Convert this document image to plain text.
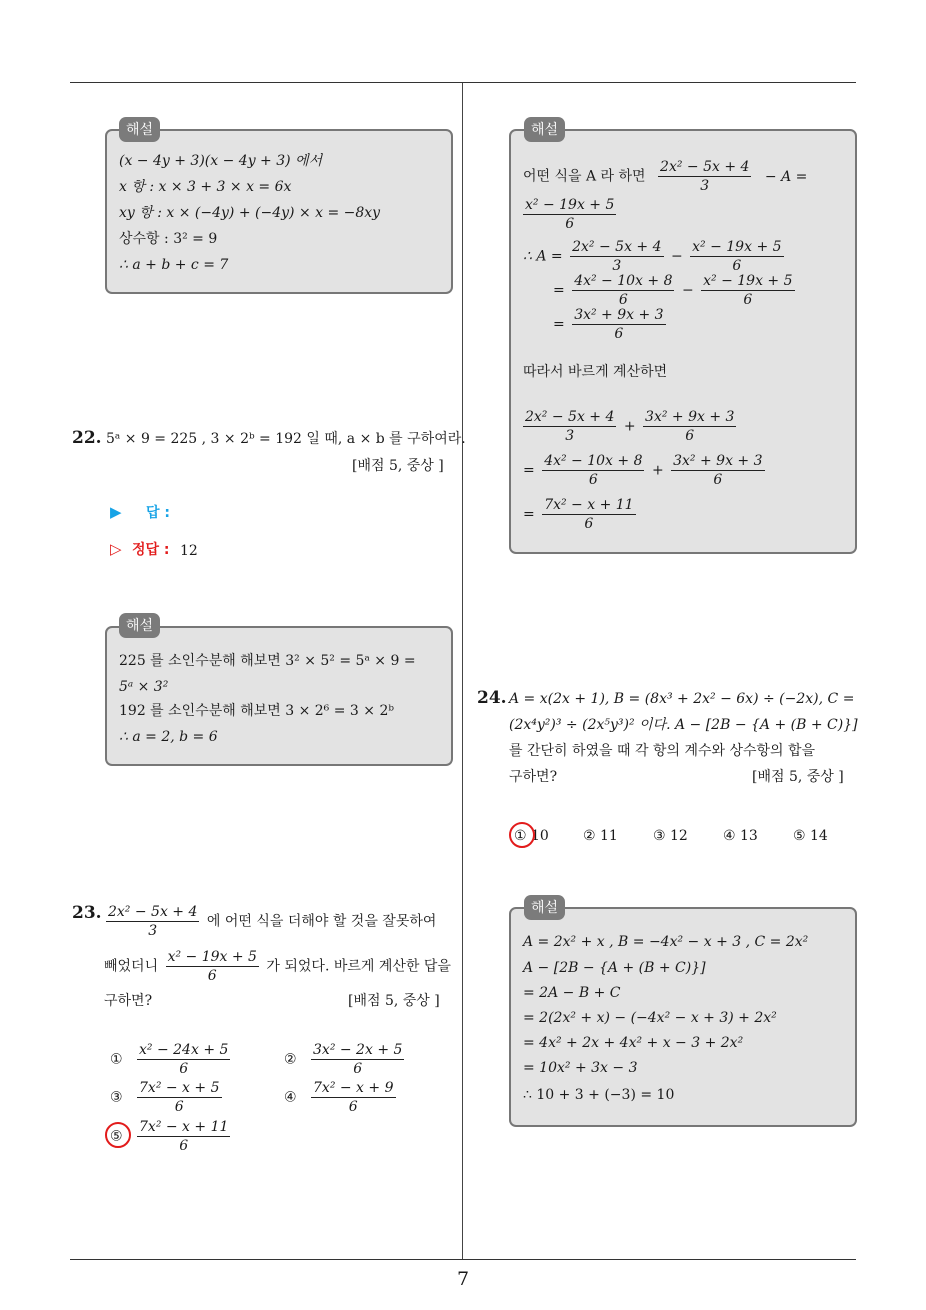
7
(x − 4y + 3)(x − 4y + 3) 에서
x 항 : x × 3 + 3 × x = 6x
xy 항 : x × (−4y) + (−4y) × x = −8xy
상수항 : 3² = 9
∴ a + b + c = 7
해설
22. 5ᵃ × 9 = 225 , 3 × 2ᵇ = 192 일 때, a × b 를 구하여라.
[배점 5, 중상 ]
▶ 답 :
▷ 정답 : 12
225 를 소인수분해 해보면 3² × 5² = 5ᵃ × 9 =
5ᵃ × 3²
192 를 소인수분해 해보면 3 × 2⁶ = 3 × 2ᵇ
∴ a = 2, b = 6
해설
23. $\frac{\text{2x² − 5x + 4}}{3}$ 에 어떤 식을 더해야 할 것을 잘못하여
빼었더니 $\frac{\text{x² − 19x + 5}}{6}$ 가 되었다. 바르게 계산한 답을
구하면?	[배점 5, 중상 ]
① $\frac{\text{x² − 24x + 5}}{6}$	② $\frac{\text{3x² − 2x + 5}}{6}$
③ $\frac{\text{7x² − x + 5}}{6}$	④ $\frac{\text{7x² − x + 9}}{6}$
⑤ $\frac{\text{7x² − x + 11}}{6}$
어떤 식을 A 라 하면 $\frac{\text{2x² − 5x + 4}}{3} - A$ =
$\frac{\text{x² − 19x + 5}}{6}$
∴ $A = \frac{\text{2x² − 5x + 4}}{3} - \frac{\text{x² − 19x + 5}}{6}$
= $\frac{\text{4x² − 10x + 8}}{6} - \frac{\text{x² − 19x + 5}}{6}$
= $\frac{\text{3x² + 9x + 3}}{6}$
따라서 바르게 계산하면
$\frac{\text{2x² − 5x + 4}}{3} + \frac{\text{3x² + 9x + 3}}{6}$
= $\frac{\text{4x² − 10x + 8}}{6} + \frac{\text{3x² + 9x + 3}}{6}$
= $\frac{\text{7x² − x + 11}}{6}$
해설
24. A = x(2x + 1), B = (8x³ + 2x² − 6x) ÷ (−2x), C =
(2x⁴y²)³ ÷ (2x⁵y³)² 이다. A − [2B − {A + (B + C)}]
를 간단히 하였을 때 각 항의 계수와 상수항의 합을
구하면?	[배점 5, 중상 ]
① 10 ② 11	③ 12	④ 13	⑤ 14
A = 2x² + x , B = −4x² − x + 3 , C = 2x²
A − [2B − {A + (B + C)}]
= 2A − B + C
= 2(2x² + x) − (−4x² − x + 3) + 2x²
= 4x² + 2x + 4x² + x − 3 + 2x²
= 10x² + 3x − 3
∴ 10 + 3 + (−3) = 10
해설
